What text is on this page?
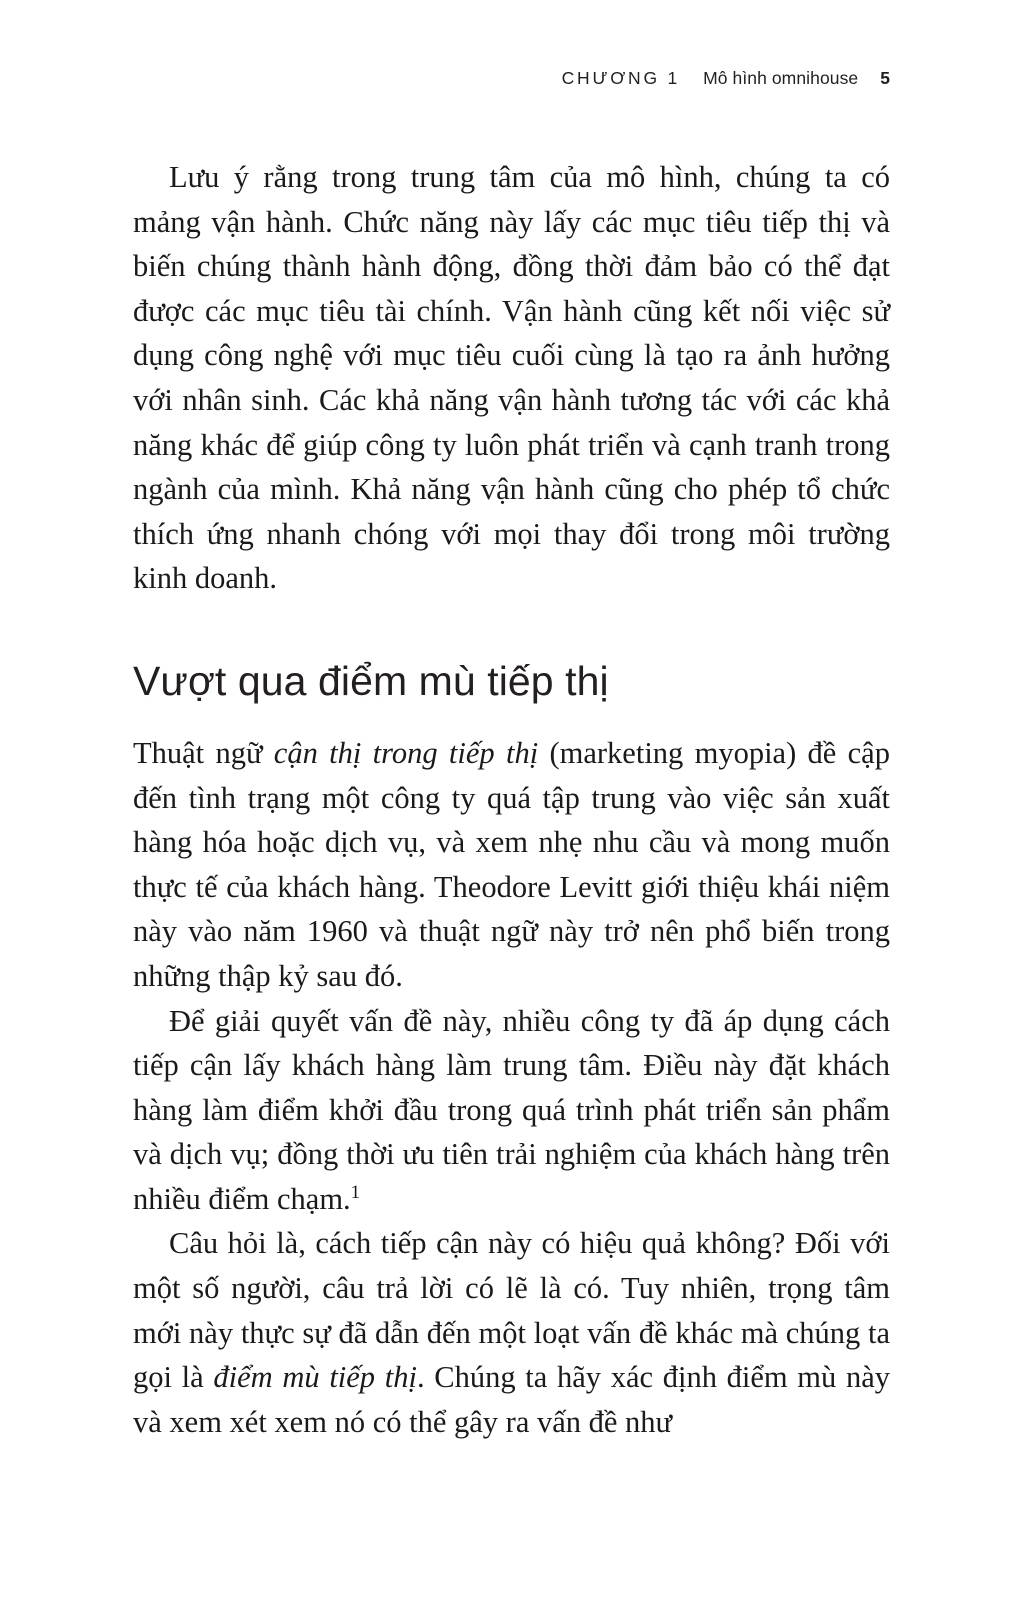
CHƯƠNG 1 Mô hình omnihouse 5

Lưu ý rằng trong trung tâm của mô hình, chúng ta có mảng vận hành. Chức năng này lấy các mục tiêu tiếp thị và biến chúng thành hành động, đồng thời đảm bảo có thể đạt được các mục tiêu tài chính. Vận hành cũng kết nối việc sử dụng công nghệ với mục tiêu cuối cùng là tạo ra ảnh hưởng với nhân sinh. Các khả năng vận hành tương tác với các khả năng khác để giúp công ty luôn phát triển và cạnh tranh trong ngành của mình. Khả năng vận hành cũng cho phép tổ chức thích ứng nhanh chóng với mọi thay đổi trong môi trường kinh doanh.

Vượt qua điểm mù tiếp thị

Thuật ngữ cận thị trong tiếp thị (marketing myopia) đề cập đến tình trạng một công ty quá tập trung vào việc sản xuất hàng hóa hoặc dịch vụ, và xem nhẹ nhu cầu và mong muốn thực tế của khách hàng. Theodore Levitt giới thiệu khái niệm này vào năm 1960 và thuật ngữ này trở nên phổ biến trong những thập kỷ sau đó.

Để giải quyết vấn đề này, nhiều công ty đã áp dụng cách tiếp cận lấy khách hàng làm trung tâm. Điều này đặt khách hàng làm điểm khởi đầu trong quá trình phát triển sản phẩm và dịch vụ; đồng thời ưu tiên trải nghiệm của khách hàng trên nhiều điểm chạm.$^1$

Câu hỏi là, cách tiếp cận này có hiệu quả không? Đối với một số người, câu trả lời có lẽ là có. Tuy nhiên, trọng tâm mới này thực sự đã dẫn đến một loạt vấn đề khác mà chúng ta gọi là điểm mù tiếp thị. Chúng ta hãy xác định điểm mù này và xem xét xem nó có thể gây ra vấn đề như
